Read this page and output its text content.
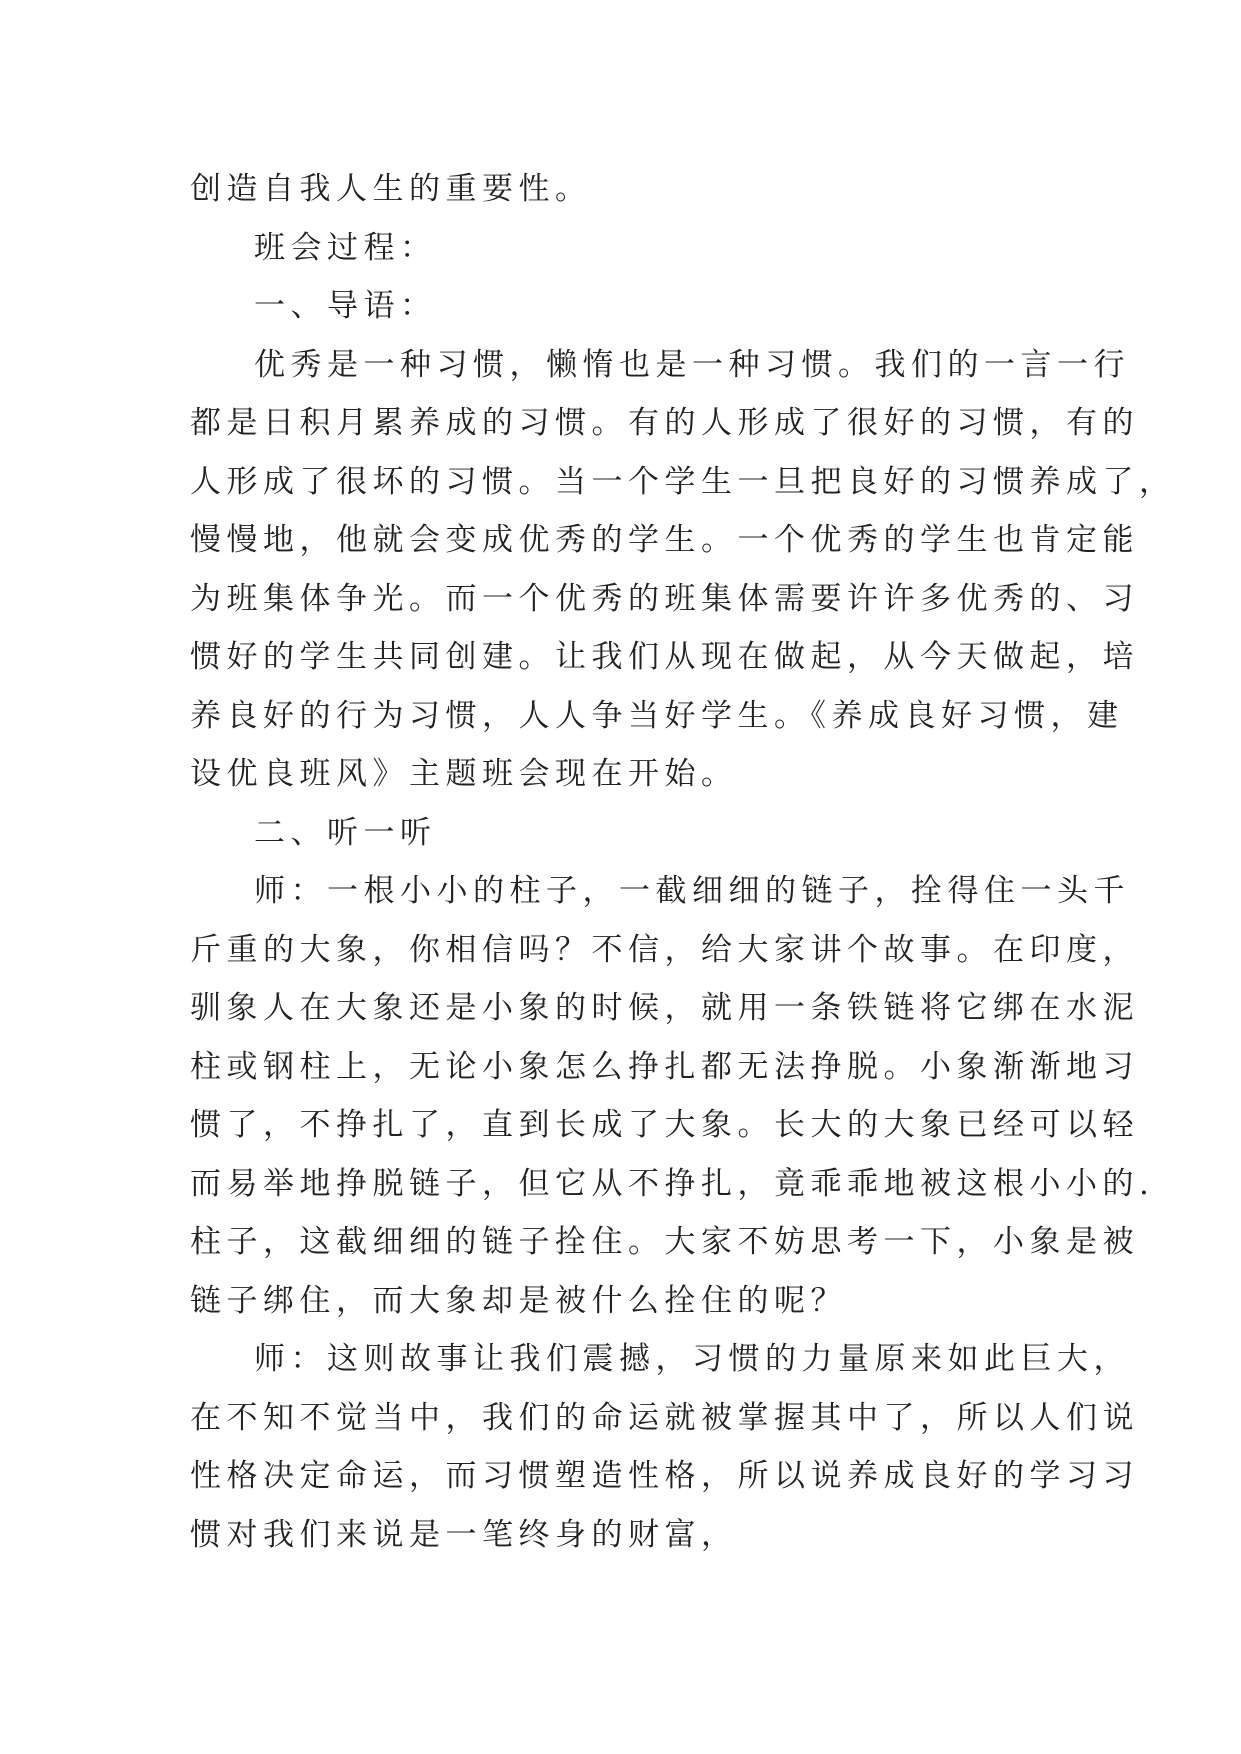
创造自我人生的重要性。
班会过程：
一、导语：
优秀是一种习惯，懒惰也是一种习惯。我们的一言一行
都是日积月累养成的习惯。有的人形成了很好的习惯，有的
人形成了很坏的习惯。当一个学生一旦把良好的习惯养成了，
慢慢地，他就会变成优秀的学生。一个优秀的学生也肯定能
为班集体争光。而一个优秀的班集体需要许许多优秀的、习
惯好的学生共同创建。让我们从现在做起，从今天做起，培
养良好的行为习惯，人人争当好学生。《养成良好习惯，建
设优良班风》主题班会现在开始。
二、听一听
师：一根小小的柱子，一截细细的链子，拴得住一头千
斤重的大象，你相信吗？不信，给大家讲个故事。在印度，
驯象人在大象还是小象的时候，就用一条铁链将它绑在水泥
柱或钢柱上，无论小象怎么挣扎都无法挣脱。小象渐渐地习
惯了，不挣扎了，直到长成了大象。长大的大象已经可以轻
而易举地挣脱链子，但它从不挣扎，竟乖乖地被这根小小的.
柱子，这截细细的链子拴住。大家不妨思考一下，小象是被
链子绑住，而大象却是被什么拴住的呢？
师：这则故事让我们震撼，习惯的力量原来如此巨大，
在不知不觉当中，我们的命运就被掌握其中了，所以人们说
性格决定命运，而习惯塑造性格，所以说养成良好的学习习
惯对我们来说是一笔终身的财富，
